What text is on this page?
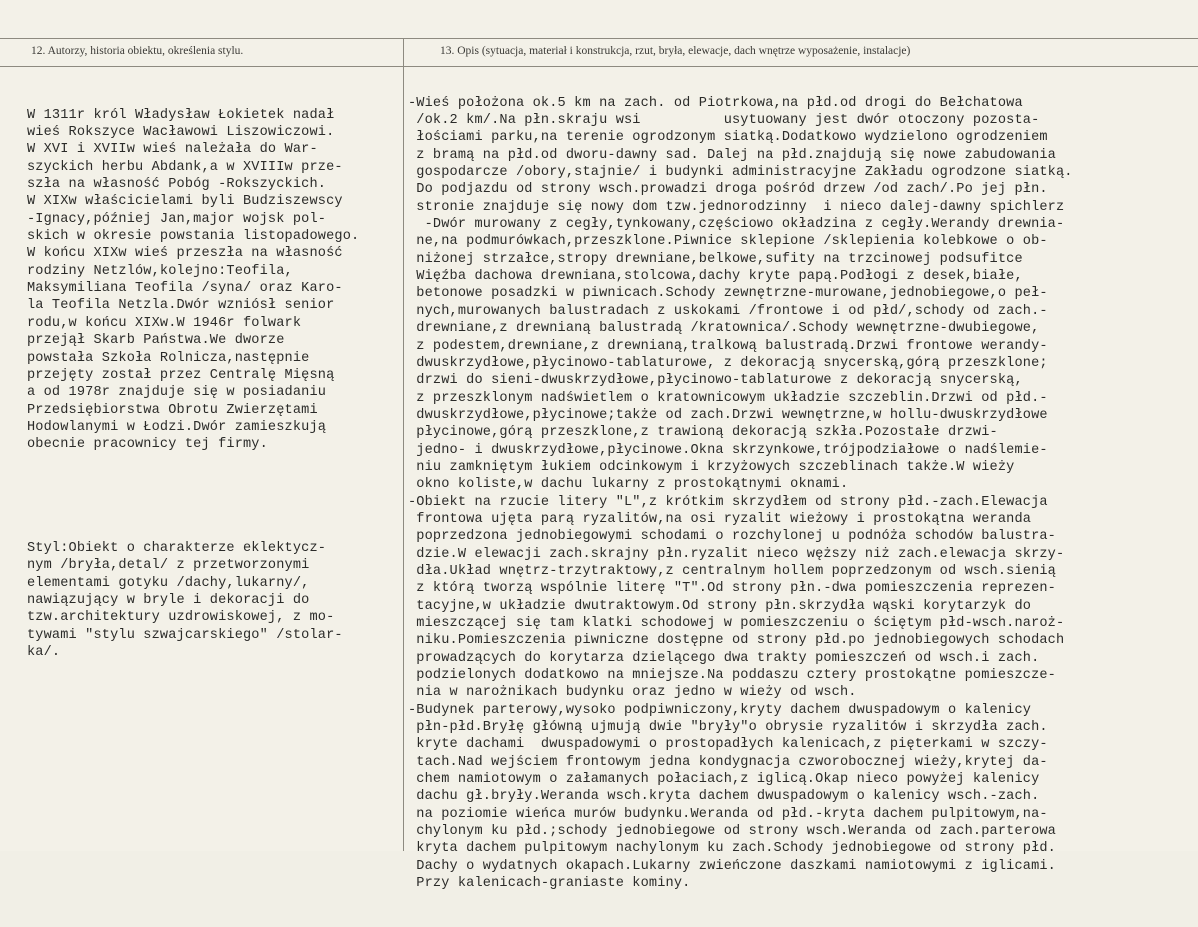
12. Autorzy, historia obiektu, określenia stylu.	13. Opis (sytuacja, materiał i konstrukcja, rzut, bryła, elewacje, dach wnętrze wyposażenie, instalacje)

W 1311r król Władysław Łokietek nadał
wieś Rokszyce Wacławowi Liszowiczowi.
W XVI i XVIIw wieś należała do War-
szyckich herbu Abdank,a w XVIIIw prze-
szła na własność Pobóg -Rokszyckich.
W XIXw właścicielami byli Budziszewscy
-Ignacy,później Jan,major wojsk pol-
skich w okresie powstania listopadowego.
W końcu XIXw wieś przeszła na własność
rodziny Netzlów,kolejno:Teofila,
Maksymiliana Teofila /syna/ oraz Karo-
la Teofila Netzla.Dwór wzniósł senior
rodu,w końcu XIXw.W 1946r folwark
przejął Skarb Państwa.We dworze
powstała Szkoła Rolnicza,następnie
przejęty został przez Centralę Mięsną
a od 1978r znajduje się w posiadaniu
Przedsiębiorstwa Obrotu Zwierzętami
Hodowlanymi w Łodzi.Dwór zamieszkują
obecnie pracownicy tej firmy.

Styl:Obiekt o charakterze eklektycz-
nym /bryła,detal/ z przetworzonymi
elementami gotyku /dachy,lukarny/,
nawiązujący w bryle i dekoracji do
tzw.architektury uzdrowiskowej, z mo-
tywami "stylu szwajcarskiego" /stolar-
ka/.

-Wieś położona ok.5 km na zach. od Piotrkowa,na płd.od drogi do Bełchatowa
/ok.2 km/.Na płn.skraju wsi          usytuowany jest dwór otoczony pozosta-
łościami parku,na terenie ogrodzonym siatką.Dodatkowo wydzielono ogrodzeniem
z bramą na płd.od dworu-dawny sad. Dalej na płd.znajdują się nowe zabudowania
gospodarcze /obory,stajnie/ i budynki administracyjne Zakładu ogrodzone siatką.
Do podjazdu od strony wsch.prowadzi droga pośród drzew /od zach/.Po jej płn.
stronie znajduje się nowy dom tzw.jednorodzinny  i nieco dalej-dawny spichlerz
-Dwór murowany z cegły,tynkowany,częściowo okładzina z cegły.Werandy drewnia-
ne,na podmurówkach,przeszklone.Piwnice sklepione /sklepienia kolebkowe o ob-
niżonej strzałce,stropy drewniane,belkowe,sufity na trzcinowej podsufitce
Więźba dachowa drewniana,stolcowa,dachy kryte papą.Podłogi z desek,białe,
betonowe posadzki w piwnicach.Schody zewnętrzne-murowane,jednobiegowe,o peł-
nych,murowanych balustradach z uskokami /frontowe i od płd/,schody od zach.-
drewniane,z drewnianą balustradą /kratownica/.Schody wewnętrzne-dwubiegowe,
z podestem,drewniane,z drewnianą,tralkową balustradą.Drzwi frontowe werandy-
dwuskrzydłowe,płycinowo-tablaturowe, z dekoracją snycerską,górą przeszklone;
drzwi do sieni-dwuskrzydłowe,płycinowo-tablaturowe z dekoracją snycerską,
z przeszklonym nadświetlem o kratownicowym układzie szczeblin.Drzwi od płd.-
dwuskrzydłowe,płycinowe;także od zach.Drzwi wewnętrzne,w hollu-dwuskrzydłowe
płycinowe,górą przeszklone,z trawioną dekoracją szkła.Pozostałe drzwi-
jedno- i dwuskrzydłowe,płycinowe.Okna skrzynkowe,trójpodziałowe o nadślemie-
niu zamkniętym łukiem odcinkowym i krzyżowych szczeblinach także.W wieży
okno koliste,w dachu lukarny z prostokątnymi oknami.
-Obiekt na rzucie litery "L",z krótkim skrzydłem od strony płd.-zach.Elewacja
frontowa ujęta parą ryzalitów,na osi ryzalit wieżowy i prostokątna weranda
poprzedzona jednobiegowymi schodami o rozchylonej u podnóża schodów balustra-
dzie.W elewacji zach.skrajny płn.ryzalit nieco węższy niż zach.elewacja skrzy-
dła.Układ wnętrz-trzytraktowy,z centralnym hollem poprzedzonym od wsch.sienią
z którą tworzą wspólnie literę "T".Od strony płn.-dwa pomieszczenia reprezen-
tacyjne,w układzie dwutraktowym.Od strony płn.skrzydła wąski korytarzyk do
mieszczącej się tam klatki schodowej w pomieszczeniu o ściętym płd-wsch.naroż-
niku.Pomieszczenia piwniczne dostępne od strony płd.po jednobiegowych schodach
prowadzących do korytarza dzielącego dwa trakty pomieszczeń od wsch.i zach.
podzielonych dodatkowo na mniejsze.Na poddaszu cztery prostokątne pomieszcze-
nia w narożnikach budynku oraz jedno w wieży od wsch.
-Budynek parterowy,wysoko podpiwniczony,kryty dachem dwuspadowym o kalenicy
płn-płd.Bryłę główną ujmują dwie "bryły"o obrysie ryzalitów i skrzydła zach.
kryte dachami  dwuspadowymi o prostopadłych kalenicach,z pięterkami w szczy-
tach.Nad wejściem frontowym jedna kondygnacja czworobocznej wieży,krytej da-
chem namiotowym o załamanych połaciach,z iglicą.Okap nieco powyżej kalenicy
dachu gł.bryły.Weranda wsch.kryta dachem dwuspadowym o kalenicy wsch.-zach.
na poziomie wieńca murów budynku.Weranda od płd.-kryta dachem pulpitowym,na-
chylonym ku płd.;schody jednobiegowe od strony wsch.Weranda od zach.parterowa
kryta dachem pulpitowym nachylonym ku zach.Schody jednobiegowe od strony płd.
Dachy o wydatnych okapach.Lukarny zwieńczone daszkami namiotowymi z iglicami.
Przy kalenicach-graniaste kominy.
